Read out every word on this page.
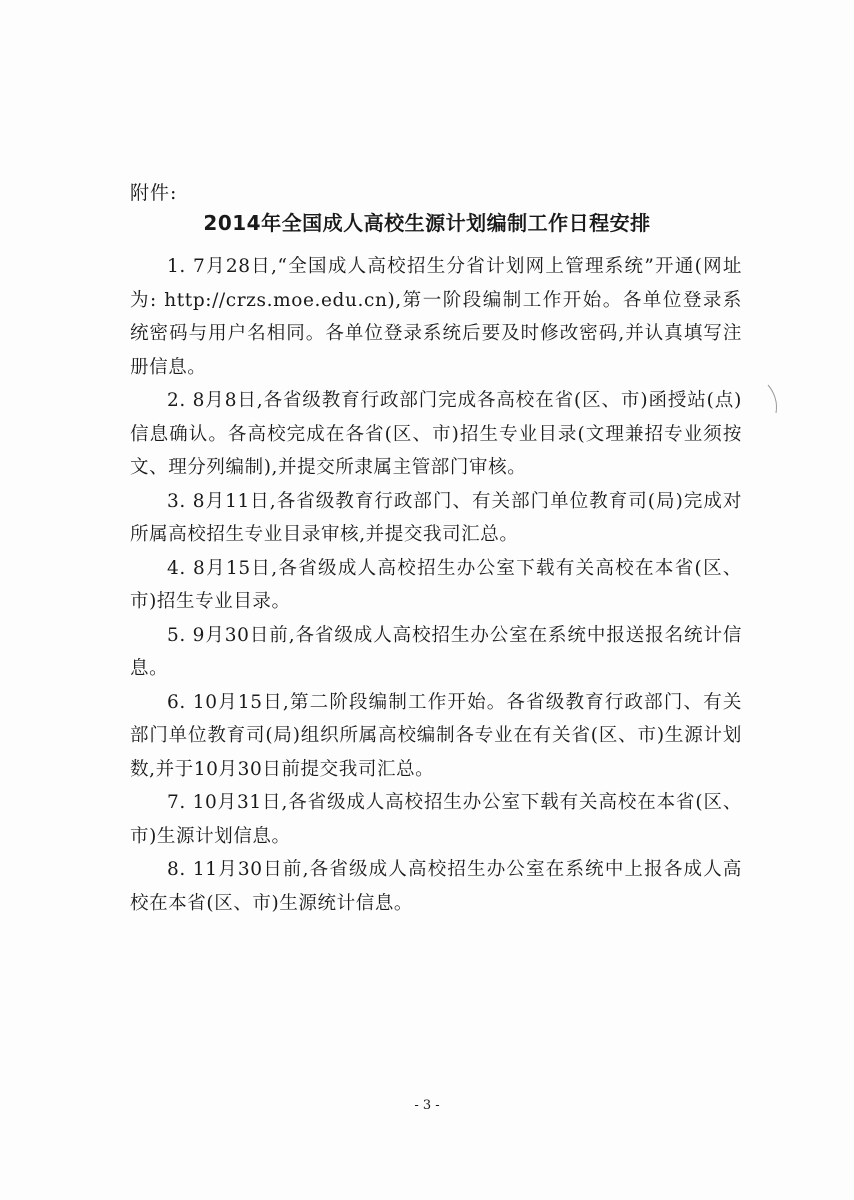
附件:
2014年全国成人高校生源计划编制工作日程安排

1. 7月28日,“全国成人高校招生分省计划网上管理系统”开通(网址为: http://crzs.moe.edu.cn),第一阶段编制工作开始。各单位登录系统密码与用户名相同。各单位登录系统后要及时修改密码,并认真填写注册信息。

2. 8月8日,各省级教育行政部门完成各高校在省(区、市)函授站(点)信息确认。各高校完成在各省(区、市)招生专业目录(文理兼招专业须按文、理分列编制),并提交所隶属主管部门审核。

3. 8月11日,各省级教育行政部门、有关部门单位教育司(局)完成对所属高校招生专业目录审核,并提交我司汇总。

4. 8月15日,各省级成人高校招生办公室下载有关高校在本省(区、市)招生专业目录。

5. 9月30日前,各省级成人高校招生办公室在系统中报送报名统计信息。

6. 10月15日,第二阶段编制工作开始。各省级教育行政部门、有关部门单位教育司(局)组织所属高校编制各专业在有关省(区、市)生源计划数,并于10月30日前提交我司汇总。

7. 10月31日,各省级成人高校招生办公室下载有关高校在本省(区、市)生源计划信息。

8. 11月30日前,各省级成人高校招生办公室在系统中上报各成人高校在本省(区、市)生源统计信息。

- 3 -
